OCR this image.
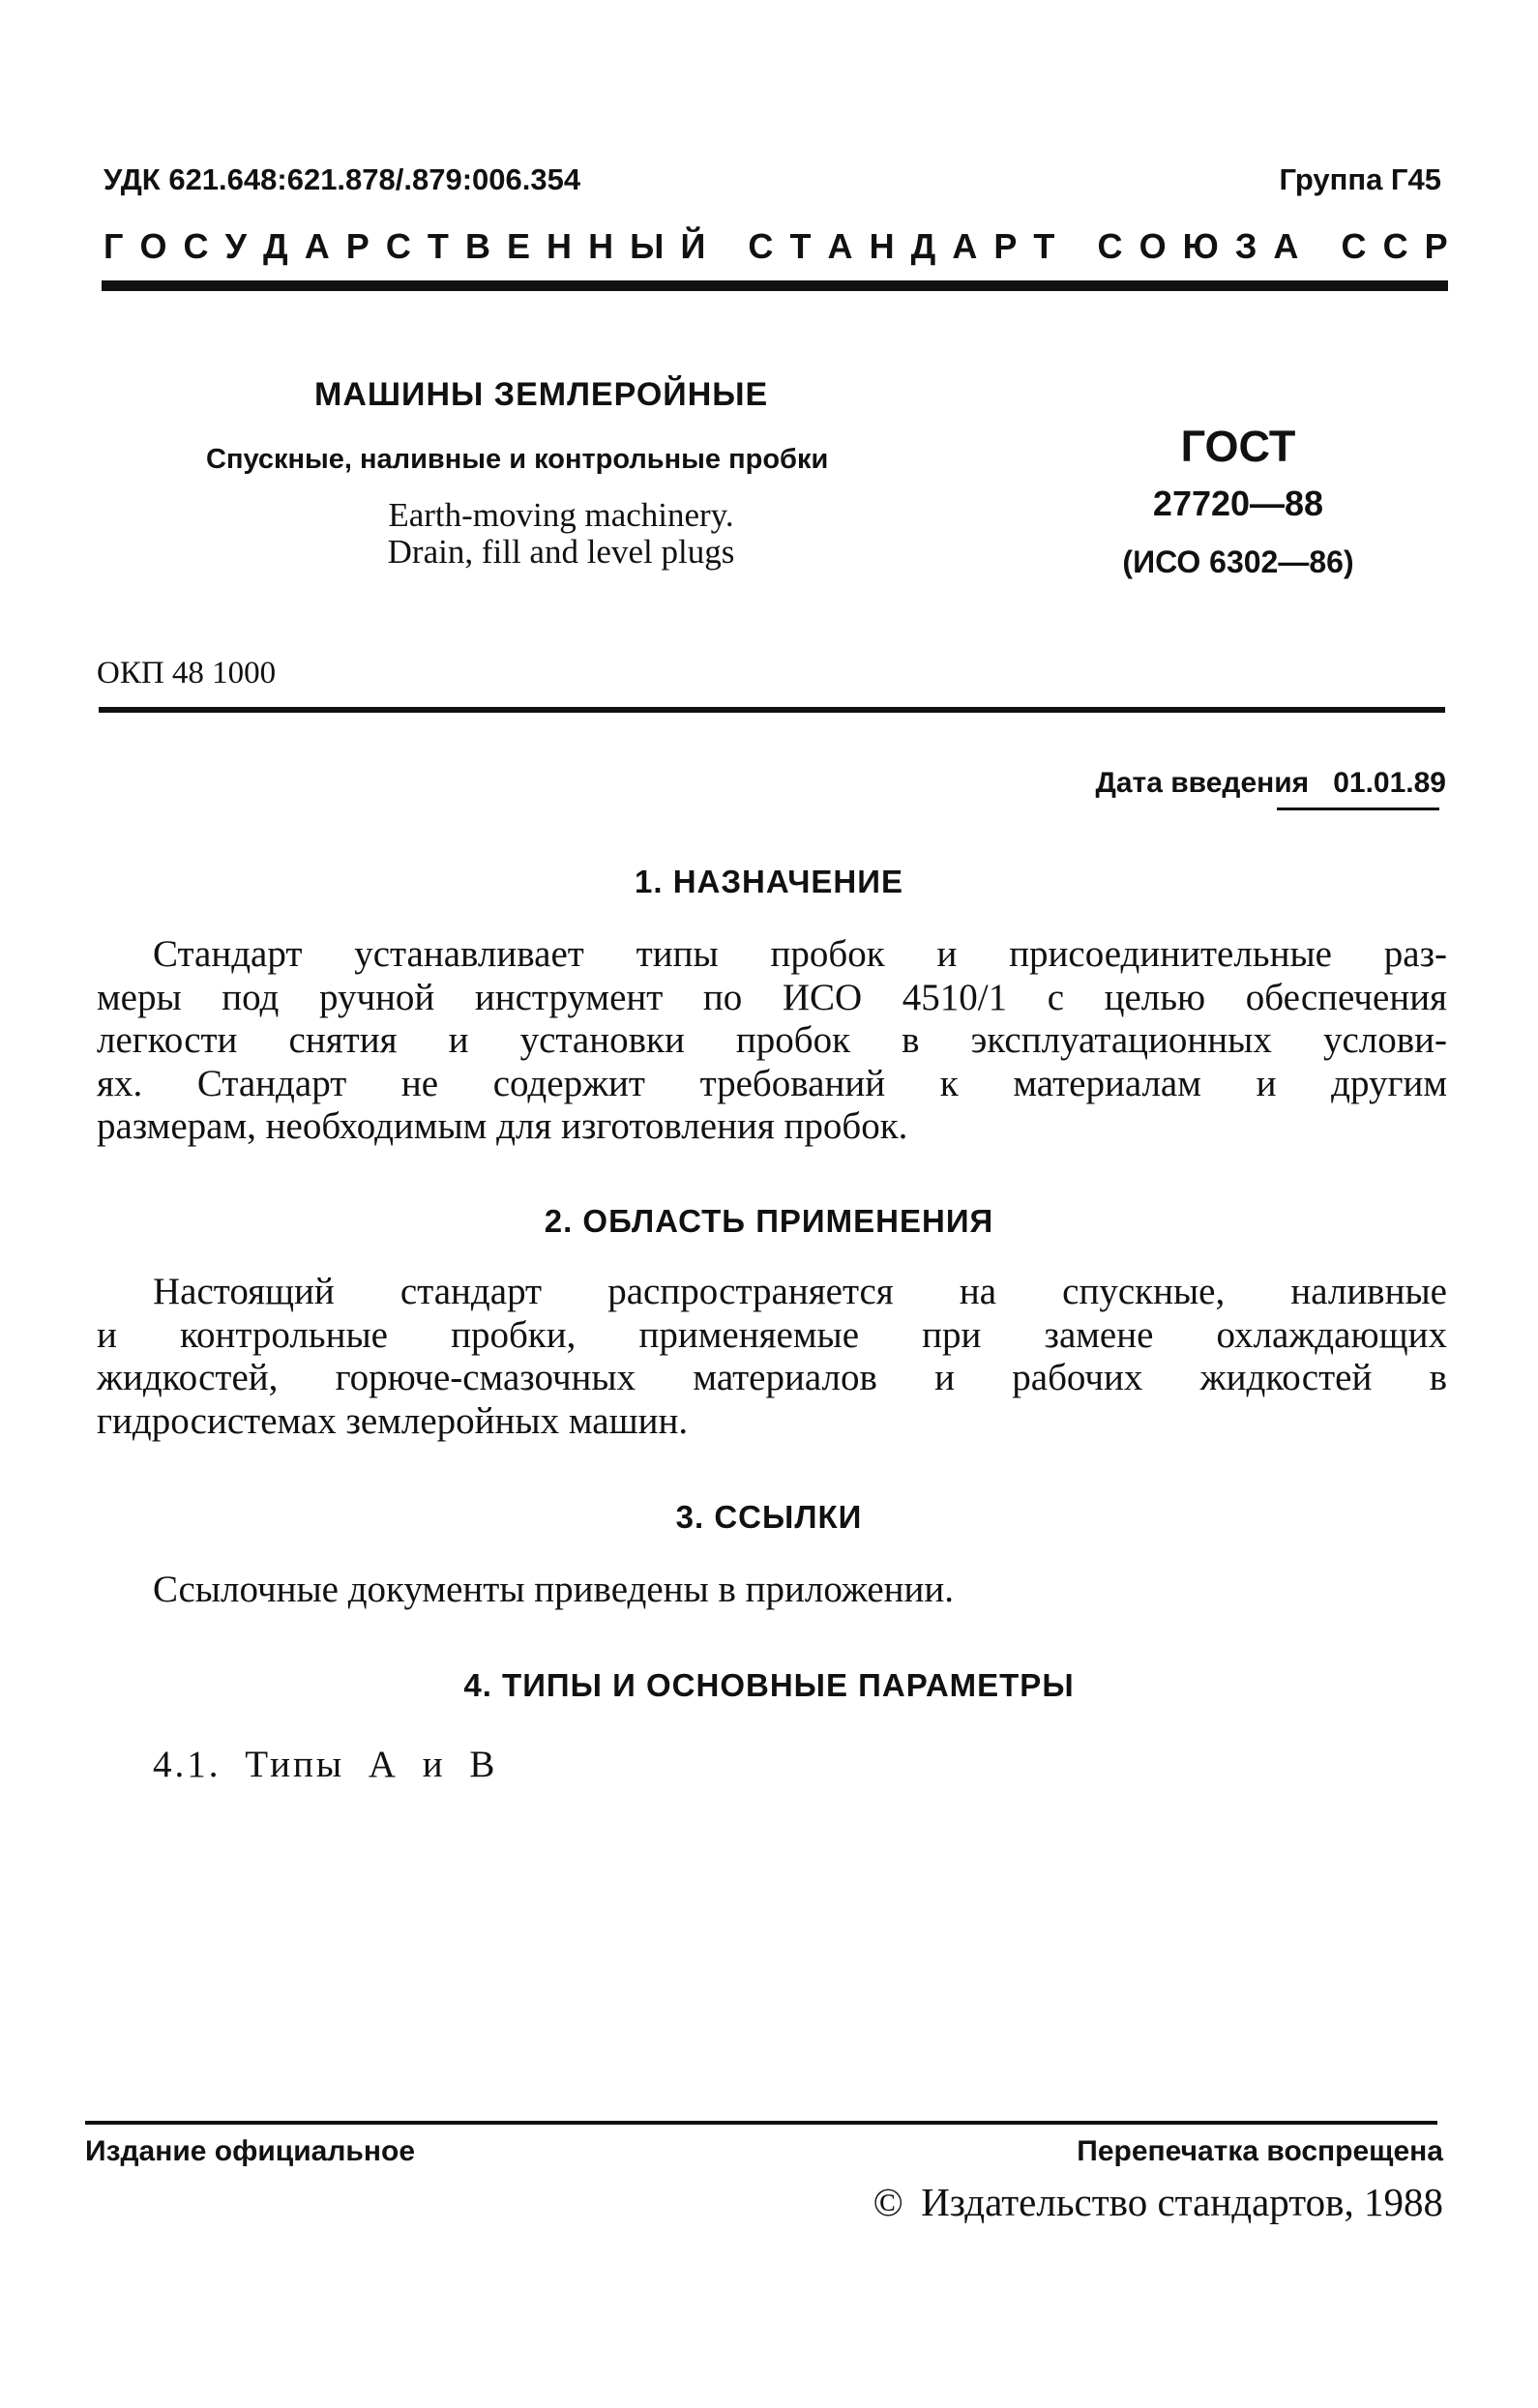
УДК 621.648:621.878/.879:006.354	Группа Г45
Г О С У Д А Р С Т В Е Н Н Ы Й
С Т А Н Д А Р Т
С О Ю З А
С С Р
МАШИНЫ ЗЕМЛЕРОЙНЫЕ
Спускные, наливные и контрольные пробки
Earth-moving machinery.
Drain, fill and level plugs
ГОСТ
27720—88
(ИСО 6302—86)
ОКП 48 1000
Дата введения 01.01.89
1. НАЗНАЧЕНИЕ
Стандарт устанавливает типы пробок и присоединительные раз-
меры под ручной инструмент по ИСО 4510/1 с целью обеспечения
легкости снятия и установки пробок в эксплуатационных услови-
ях. Стандарт не содержит требований к материалам и другим
размерам, необходимым для изготовления пробок.
2. ОБЛАСТЬ ПРИМЕНЕНИЯ
Настоящий стандарт распространяется на спускные, наливные
и контрольные пробки, применяемые при замене охлаждающих
жидкостей, горюче-смазочных материалов и рабочих жидкостей в
гидросистемах землеройных машин.
3. ССЫЛКИ
Ссылочные документы приведены в приложении.
4. ТИПЫ И ОСНОВНЫЕ ПАРАМЕТРЫ
4.1. Типы А и В
Издание официальное	Перепечатка воспрещена
© Издательство стандартов, 1988
